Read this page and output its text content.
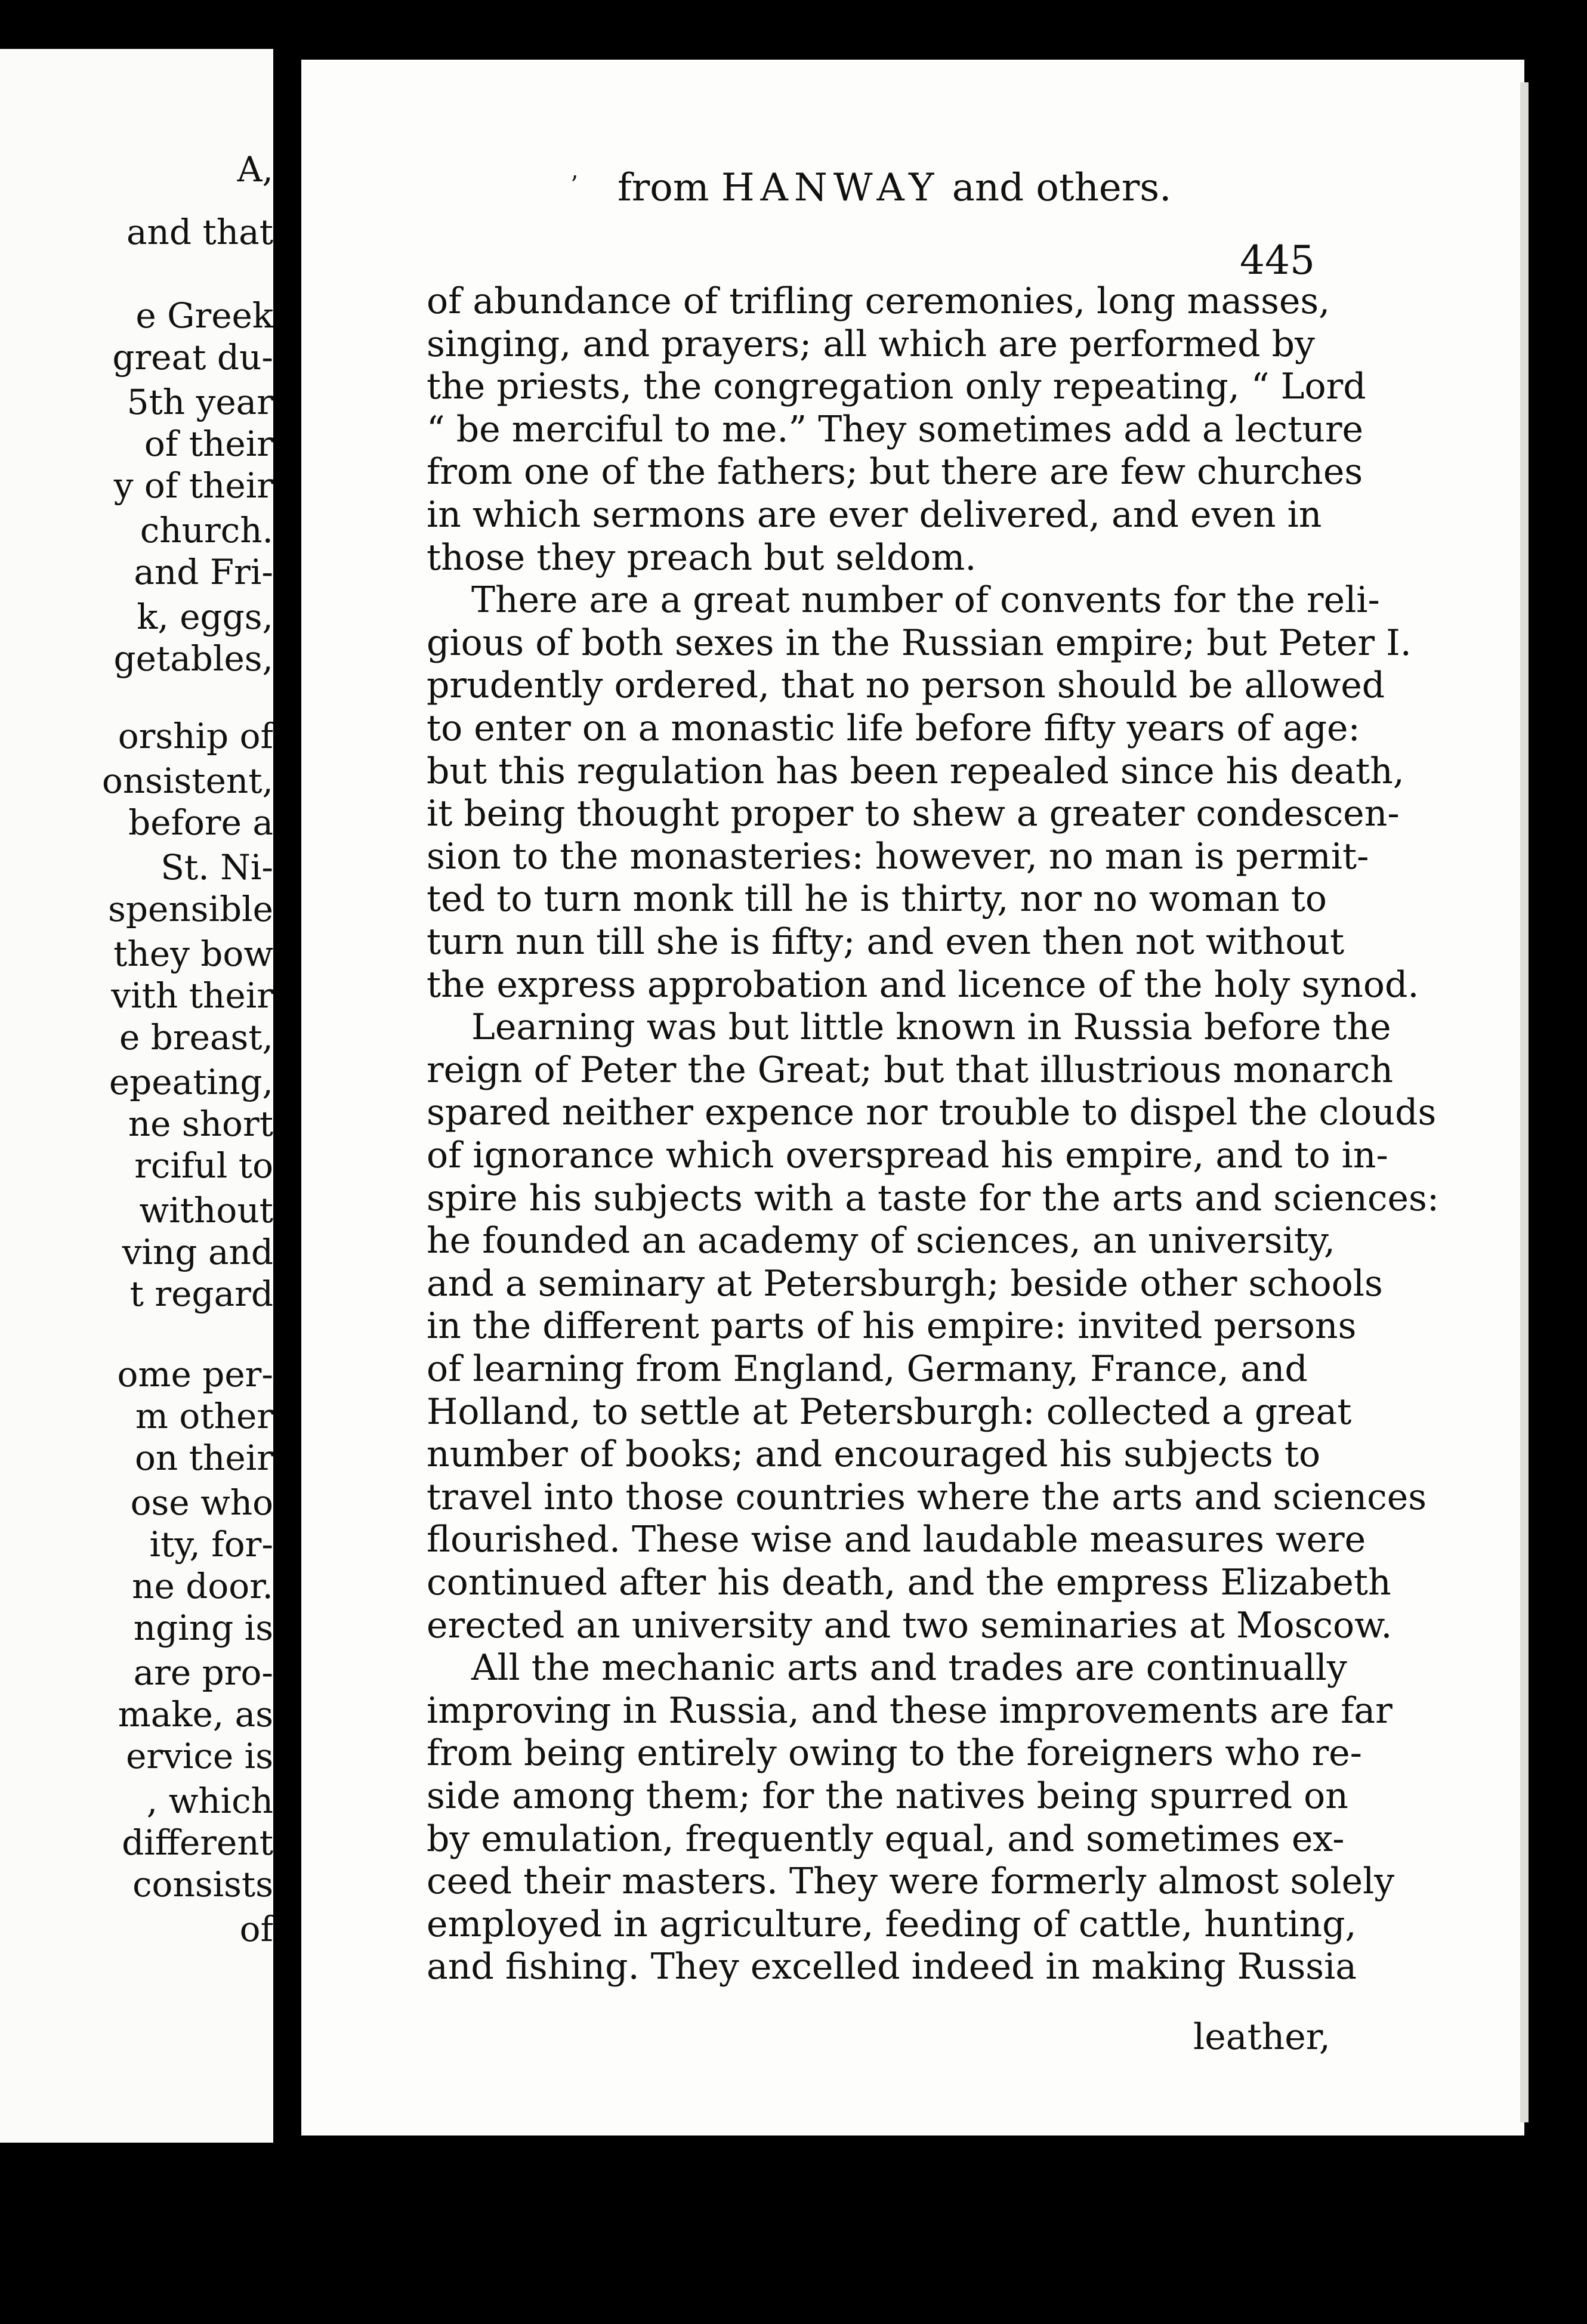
A,
and that
e Greek
great du-
5th year
of their
y of their
church.
and Fri-
k, eggs,
getables,
orship of
onsistent,
before a
St. Ni-
spensible
they bow
vith their
e breast,
epeating,
ne short
rciful to
without
ving and
t regard
ome per-
m other
on their
ose who
ity, for-
ne door.
nging is
are pro-
make, as
ervice is
, which
different
consists
of
ʼ from HANWAY and others.
445
of abundance of trifling ceremonies, long masses,
singing, and prayers; all which are performed by
the priests, the congregation only repeating, “ Lord
“ be merciful to me.” They sometimes add a lecture
from one of the fathers; but there are few churches
in which sermons are ever delivered, and even in
those they preach but seldom.
There are a great number of convents for the reli-
gious of both sexes in the Russian empire; but Peter I.
prudently ordered, that no person should be allowed
to enter on a monastic life before fifty years of age:
but this regulation has been repealed since his death,
it being thought proper to shew a greater condescen-
sion to the monasteries: however, no man is permit-
ted to turn monk till he is thirty, nor no woman to
turn nun till she is fifty; and even then not without
the express approbation and licence of the holy synod.
Learning was but little known in Russia before the
reign of Peter the Great; but that illustrious monarch
spared neither expence nor trouble to dispel the clouds
of ignorance which overspread his empire, and to in-
spire his subjects with a taste for the arts and sciences:
he founded an academy of sciences, an university,
and a seminary at Petersburgh; beside other schools
in the different parts of his empire: invited persons
of learning from England, Germany, France, and
Holland, to settle at Petersburgh: collected a great
number of books; and encouraged his subjects to
travel into those countries where the arts and sciences
flourished. These wise and laudable measures were
continued after his death, and the empress Elizabeth
erected an university and two seminaries at Moscow.
All the mechanic arts and trades are continually
improving in Russia, and these improvements are far
from being entirely owing to the foreigners who re-
side among them; for the natives being spurred on
by emulation, frequently equal, and sometimes ex-
ceed their masters. They were formerly almost solely
employed in agriculture, feeding of cattle, hunting,
and fishing. They excelled indeed in making Russia
leather,
